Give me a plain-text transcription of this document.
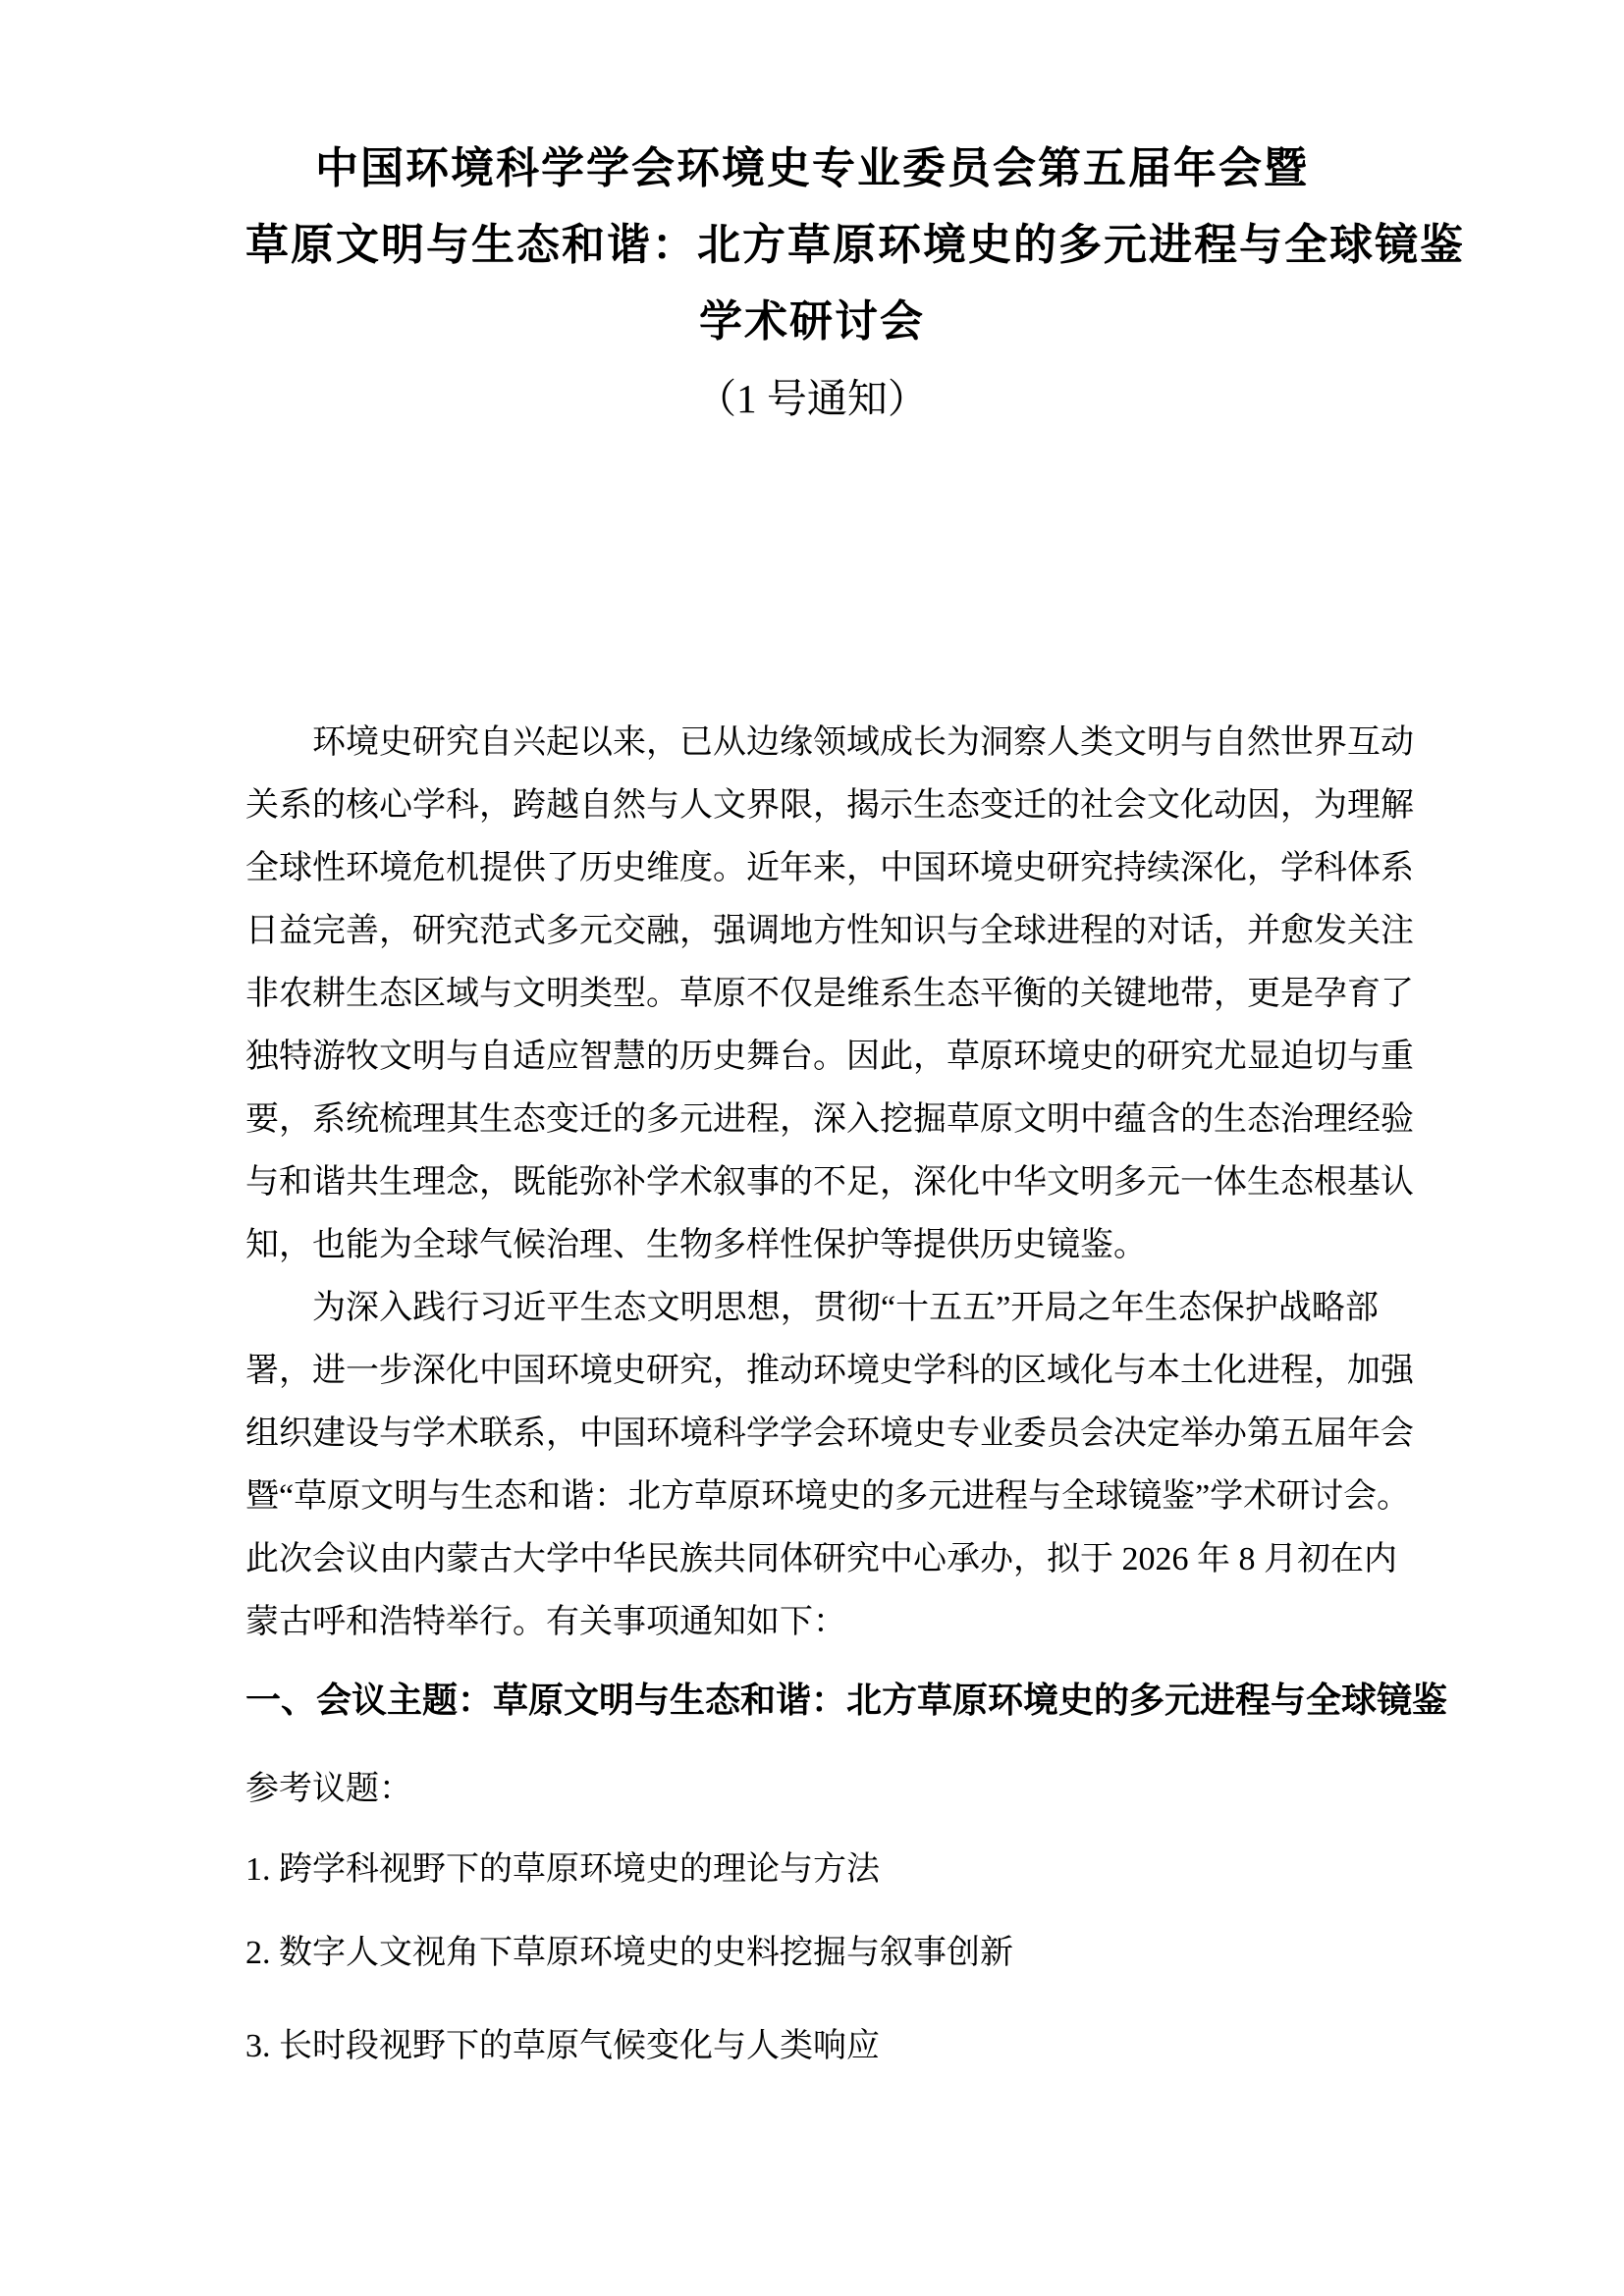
中国环境科学学会环境史专业委员会第五届年会暨
草原文明与生态和谐：北方草原环境史的多元进程与全球镜鉴
学术研讨会
（1 号通知）
环境史研究自兴起以来，已从边缘领域成长为洞察人类文明与自然世界互动
关系的核心学科，跨越自然与人文界限，揭示生态变迁的社会文化动因，为理解
全球性环境危机提供了历史维度。近年来，中国环境史研究持续深化，学科体系
日益完善，研究范式多元交融，强调地方性知识与全球进程的对话，并愈发关注
非农耕生态区域与文明类型。草原不仅是维系生态平衡的关键地带，更是孕育了
独特游牧文明与自适应智慧的历史舞台。因此，草原环境史的研究尤显迫切与重
要，系统梳理其生态变迁的多元进程，深入挖掘草原文明中蕴含的生态治理经验
与和谐共生理念，既能弥补学术叙事的不足，深化中华文明多元一体生态根基认
知，也能为全球气候治理、生物多样性保护等提供历史镜鉴。
为深入践行习近平生态文明思想，贯彻“十五五”开局之年生态保护战略部
署，进一步深化中国环境史研究，推动环境史学科的区域化与本土化进程，加强
组织建设与学术联系，中国环境科学学会环境史专业委员会决定举办第五届年会
暨“草原文明与生态和谐：北方草原环境史的多元进程与全球镜鉴”学术研讨会。
此次会议由内蒙古大学中华民族共同体研究中心承办，拟于 2026 年 8 月初在内
蒙古呼和浩特举行。有关事项通知如下：
一、会议主题：草原文明与生态和谐：北方草原环境史的多元进程与全球镜鉴
参考议题：
1. 跨学科视野下的草原环境史的理论与方法
2. 数字人文视角下草原环境史的史料挖掘与叙事创新
3. 长时段视野下的草原气候变化与人类响应
